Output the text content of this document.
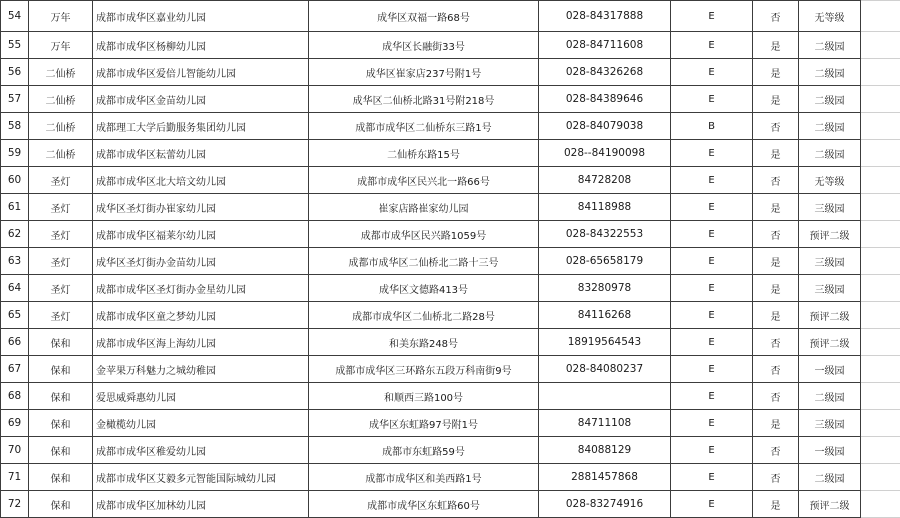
54	万年	成都市成华区嘉业幼儿园	成华区双福一路68号	028-84317888	E	否	无等级	
55	万年	成都市成华区杨柳幼儿园	成华区长融街33号	028-84711608	E	是	二级园	
56	二仙桥	成都市成华区爱倍儿智能幼儿园	成华区崔家店237号附1号	028-84326268	E	是	二级园	
57	二仙桥	成都市成华区金苗幼儿园	成华区二仙桥北路31号附218号	028-84389646	E	是	二级园	
58	二仙桥	成都理工大学后勤服务集团幼儿园	成都市成华区二仙桥东三路1号	028-84079038	B	否	二级园	
59	二仙桥	成都市成华区耘蕾幼儿园	二仙桥东路15号	028--84190098	E	是	二级园	
60	圣灯	成都市成华区北大培文幼儿园	成都市成华区民兴北一路66号	84728208	E	否	无等级	
61	圣灯	成华区圣灯街办崔家幼儿园	崔家店路崔家幼儿园	84118988	E	是	三级园	
62	圣灯	成都市成华区福莱尔幼儿园	成都市成华区民兴路1059号	028-84322553	E	否	预评二级	
63	圣灯	成华区圣灯街办金苗幼儿园	成都市成华区二仙桥北二路十三号	028-65658179	E	是	三级园	
64	圣灯	成都市成华区圣灯街办金星幼儿园	成华区文德路413号	83280978	E	是	三级园	
65	圣灯	成都市成华区童之梦幼儿园	成都市成华区二仙桥北二路28号	84116268	E	是	预评二级	
66	保和	成都市成华区海上海幼儿园	和美东路248号	18919564543	E	否	预评二级	
67	保和	金苹果万科魅力之城幼稚园	成都市成华区三环路东五段万科南街9号	028-84080237	E	否	一级园	
68	保和	爱思威舜惠幼儿园	和顺西三路100号		E	否	二级园	
69	保和	金橄榄幼儿园	成华区东虹路97号附1号	84711108	E	是	三级园	
70	保和	成都市成华区稚爱幼儿园	成都市东虹路59号	84088129	E	否	一级园	
71	保和	成都市成华区艾毅多元智能国际城幼儿园	成都市成华区和美西路1号	2881457868	E	否	二级园	
72	保和	成都市成华区加林幼儿园	成都市成华区东虹路60号	028-83274916	E	是	预评二级	
